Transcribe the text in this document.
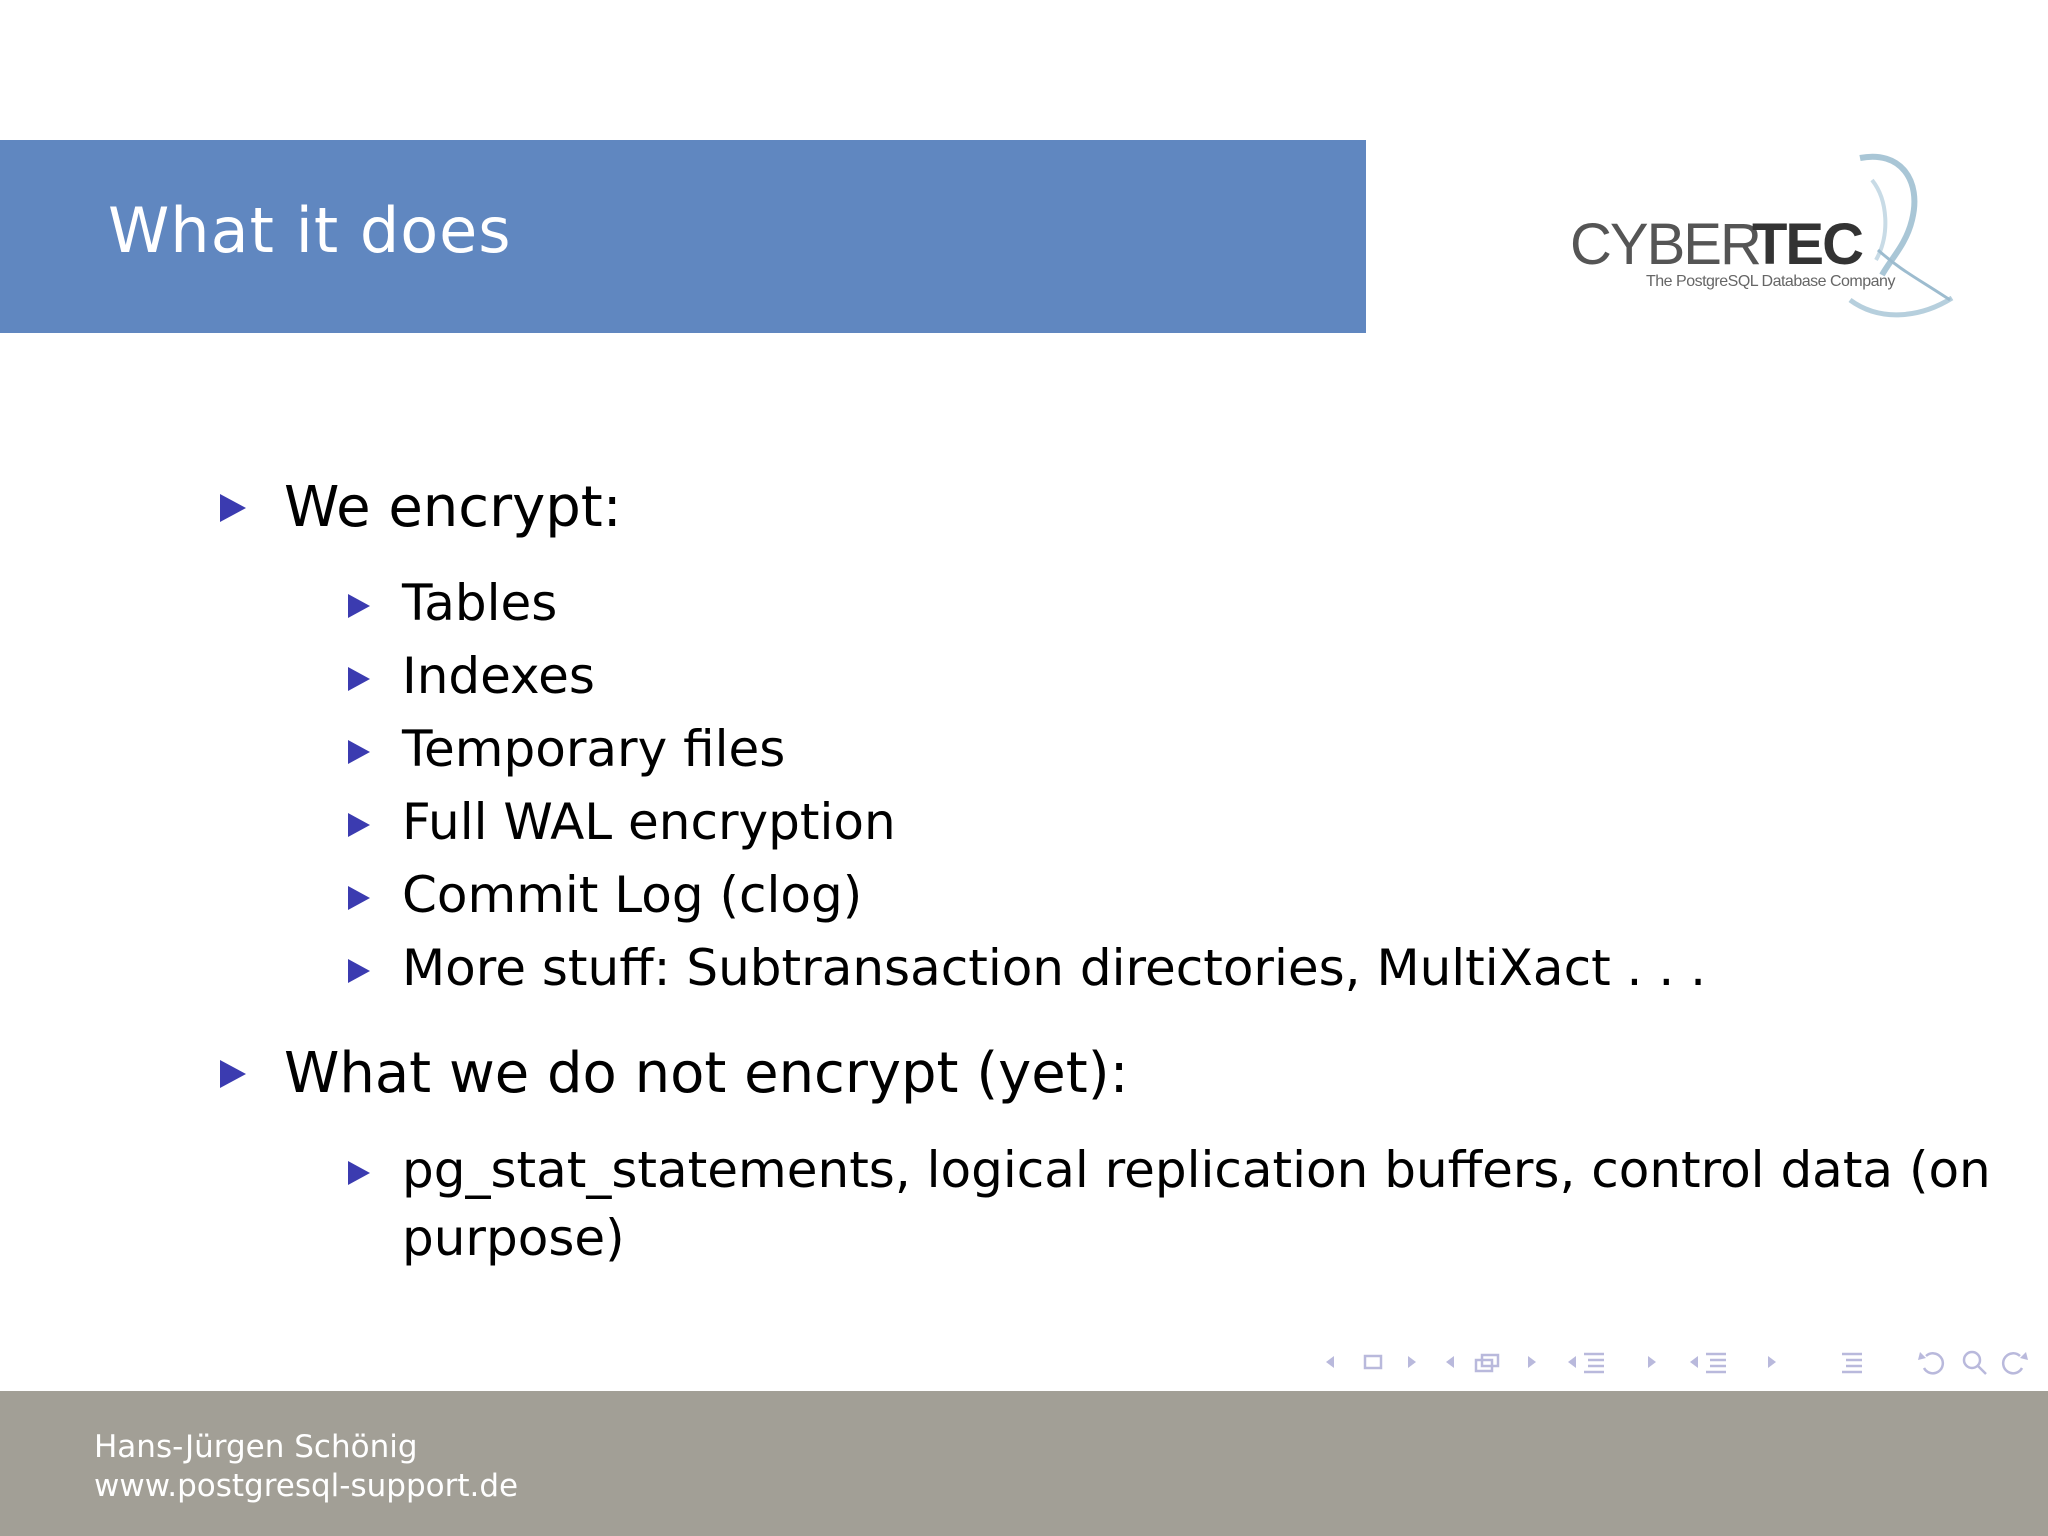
What it does	CYBER
TEC
The PostgreSQL Database Company
We encrypt:
Tables
Indexes
Temporary files
Full WAL encryption
Commit Log (clog)
More stuff: Subtransaction directories, MultiXact . . .
What we do not encrypt (yet):
pg_stat_statements, logical replication buffers, control data (on
purpose)
Hans-Jürgen Schönig
www.postgresql-support.de
